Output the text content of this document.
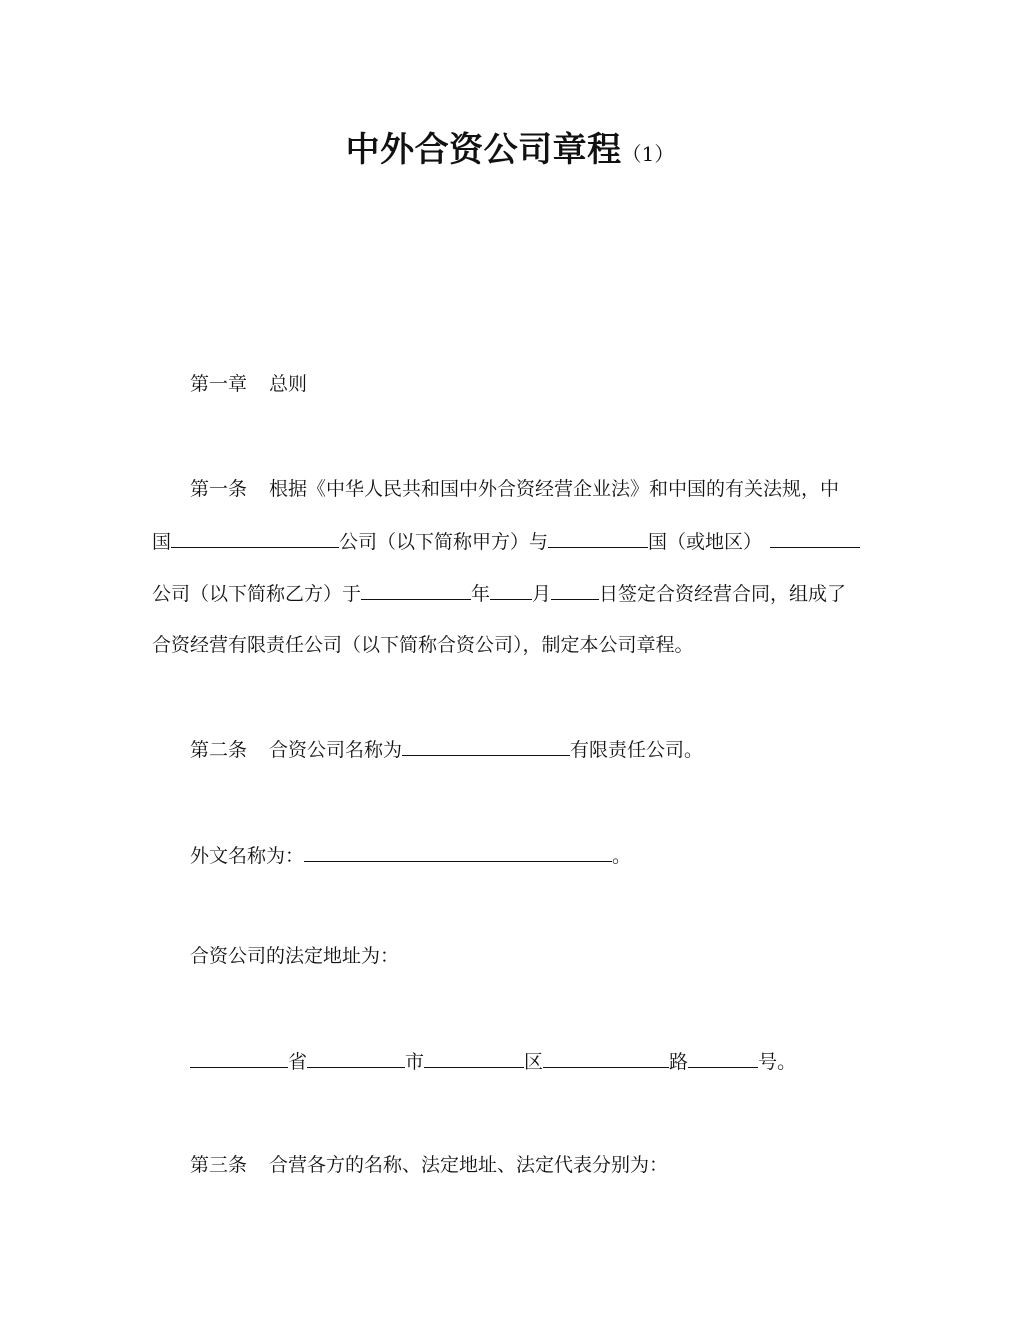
中外合资公司章程（1）
第一章 总则
第一条 根据《中华人民共和国中外合资经营企业法》和中国的有关法规，中
国	公司（以下简称甲方）与	国（或地区）
公司（以下简称乙方）于	年 月	日签定合资经营合同，组成了
合资经营有限责任公司（以下简称合资公司），制定本公司章程。
第二条 合资公司名称为	有限责任公司。
外文名称为：	。
合资公司的法定地址为：
省	市	区	路	号。
第三条 合营各方的名称、法定地址、法定代表分别为：
